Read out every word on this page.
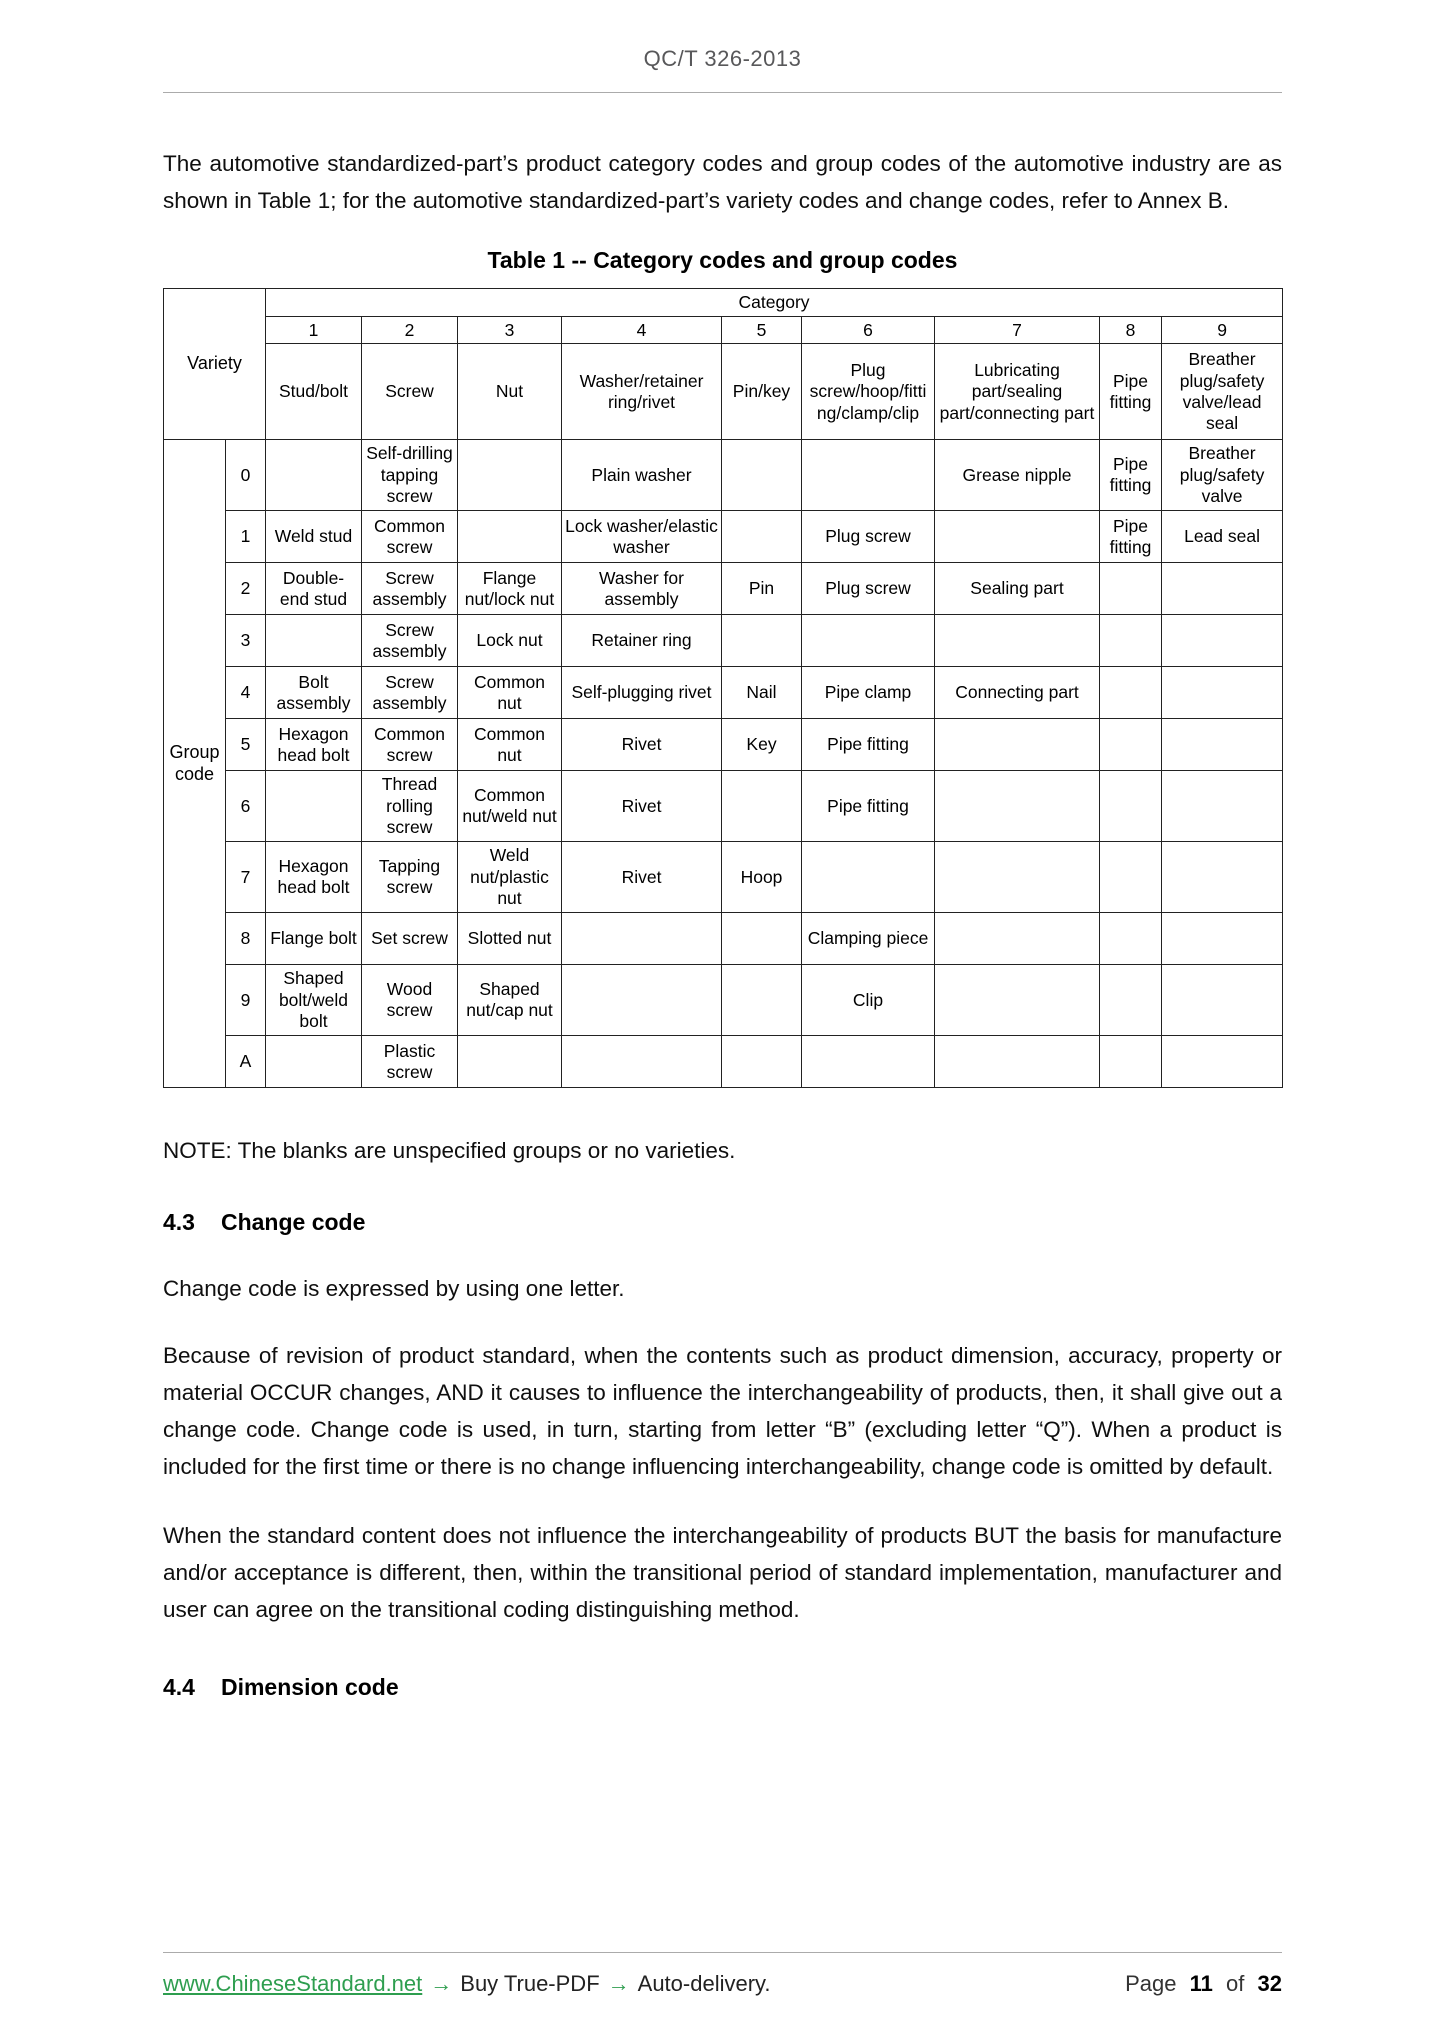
QC/T 326-2013

The automotive standardized-part’s product category codes and group codes of the automotive industry are as shown in Table 1; for the automotive standardized-part’s variety codes and change codes, refer to Annex B.

Table 1 -- Category codes and group codes
Variety		Category								
		1	2	3	4	5	6	7	8	9
		Stud/bolt	Screw	Nut	Washer/retainer ring/rivet	Pin/key	Plug screw/hoop/fitting/clamp/clip	Lubricating part/sealing part/connecting part	Pipe fitting	Breather plug/safety valve/lead seal
Group code	0		Self-drilling tapping screw		Plain washer			Grease nipple	Pipe fitting	Breather plug/safety valve
	1	Weld stud	Common screw		Lock washer/elastic washer		Plug screw		Pipe fitting	Lead seal
	2	Double-end stud	Screw assembly	Flange nut/lock nut	Washer for assembly	Pin	Plug screw	Sealing part		
	3		Screw assembly	Lock nut	Retainer ring					
	4	Bolt assembly	Screw assembly	Common nut	Self-plugging rivet	Nail	Pipe clamp	Connecting part		
	5	Hexagon head bolt	Common screw	Common nut	Rivet	Key	Pipe fitting			
	6		Thread rolling screw	Common nut/weld nut	Rivet		Pipe fitting			
	7	Hexagon head bolt	Tapping screw	Weld nut/plastic nut	Rivet	Hoop				
	8	Flange bolt	Set screw	Slotted nut			Clamping piece			
	9	Shaped bolt/weld bolt	Wood screw	Shaped nut/cap nut			Clip			
	A		Plastic screw							

NOTE: The blanks are unspecified groups or no varieties.

4.3 Change code

Change code is expressed by using one letter.

Because of revision of product standard, when the contents such as product dimension, accuracy, property or material OCCUR changes, AND it causes to influence the interchangeability of products, then, it shall give out a change code. Change code is used, in turn, starting from letter “B” (excluding letter “Q”). When a product is included for the first time or there is no change influencing interchangeability, change code is omitted by default.

When the standard content does not influence the interchangeability of products BUT the basis for manufacture and/or acceptance is different, then, within the transitional period of standard implementation, manufacturer and user can agree on the transitional coding distinguishing method.

4.4 Dimension code
www.ChineseStandard.net → Buy True-PDF → Auto-delivery.	Page 11 of 32
